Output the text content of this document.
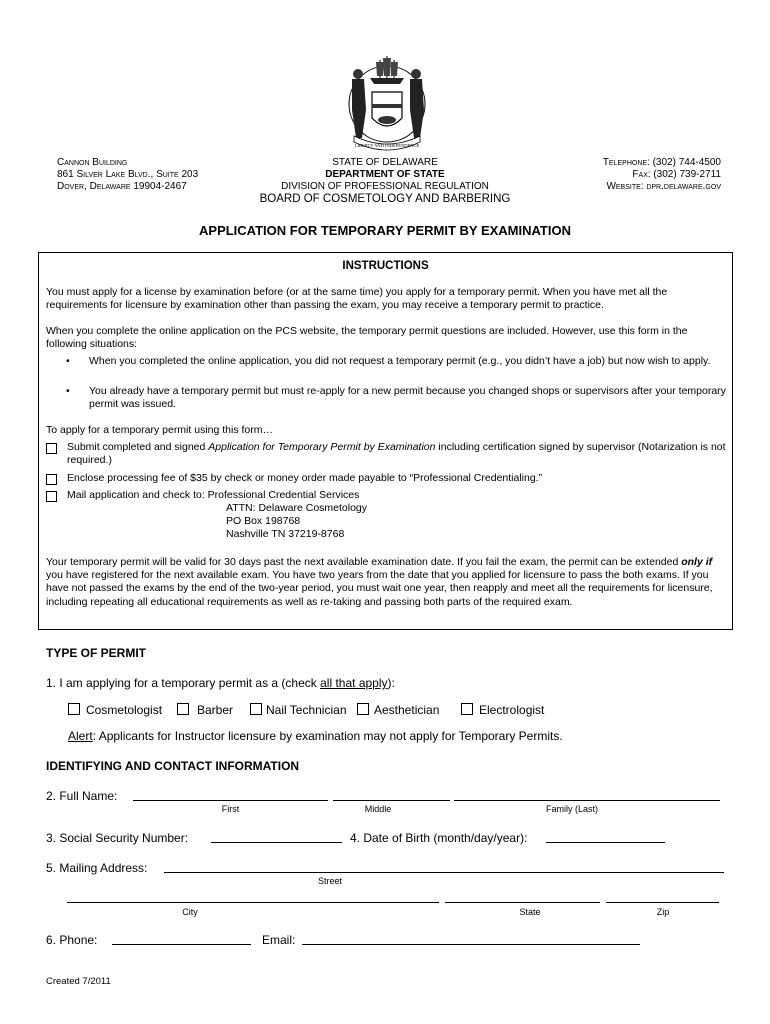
LIBERTY AND INDEPENDENCE
Cannon Building
861 Silver Lake Blvd., Suite 203
Dover, Delaware 19904-2467
STATE OF DELAWARE
DEPARTMENT OF STATE
DIVISION OF PROFESSIONAL REGULATION
BOARD OF COSMETOLOGY AND BARBERING
Telephone: (302) 744-4500
Fax: (302) 739-2711
Website: dpr.delaware.gov
APPLICATION FOR TEMPORARY PERMIT BY EXAMINATION
INSTRUCTIONS
You must apply for a license by examination before (or at the same time) you apply for a temporary permit. When you have met all the requirements for licensure by examination other than passing the exam, you may receive a temporary permit to practice.
When you complete the online application on the PCS website, the temporary permit questions are included. However, use this form in the following situations:
• When you completed the online application, you did not request a temporary permit (e.g., you didn’t have a job) but now wish to apply.
• You already have a temporary permit but must re-apply for a new permit because you changed shops or supervisors after your temporary permit was issued.
To apply for a temporary permit using this form…
Submit completed and signed Application for Temporary Permit by Examination including certification signed by supervisor (Notarization is not required.)
Enclose processing fee of $35 by check or money order made payable to “Professional Credentialing.”
Mail application and check to: Professional Credential Services
ATTN: Delaware Cosmetology
PO Box 198768
Nashville TN 37219-8768
Your temporary permit will be valid for 30 days past the next available examination date. If you fail the exam, the permit can be extended only if you have registered for the next available exam. You have two years from the date that you applied for licensure to pass the both exams. If you have not passed the exams by the end of the two-year period, you must wait one year, then reapply and meet all the requirements for licensure, including repeating all educational requirements as well as re-taking and passing both parts of the required exam.
TYPE OF PERMIT
1. I am applying for a temporary permit as a (check all that apply):
Cosmetologist	Barber	Nail Technician	Aesthetician	Electrologist
Alert: Applicants for Instructor licensure by examination may not apply for Temporary Permits.
IDENTIFYING AND CONTACT INFORMATION
2. Full Name:
First	Middle	Family (Last)
3. Social Security Number:	4. Date of Birth (month/day/year):
5. Mailing Address:
Street
City	State	Zip
6. Phone:	Email:
Created 7/2011
